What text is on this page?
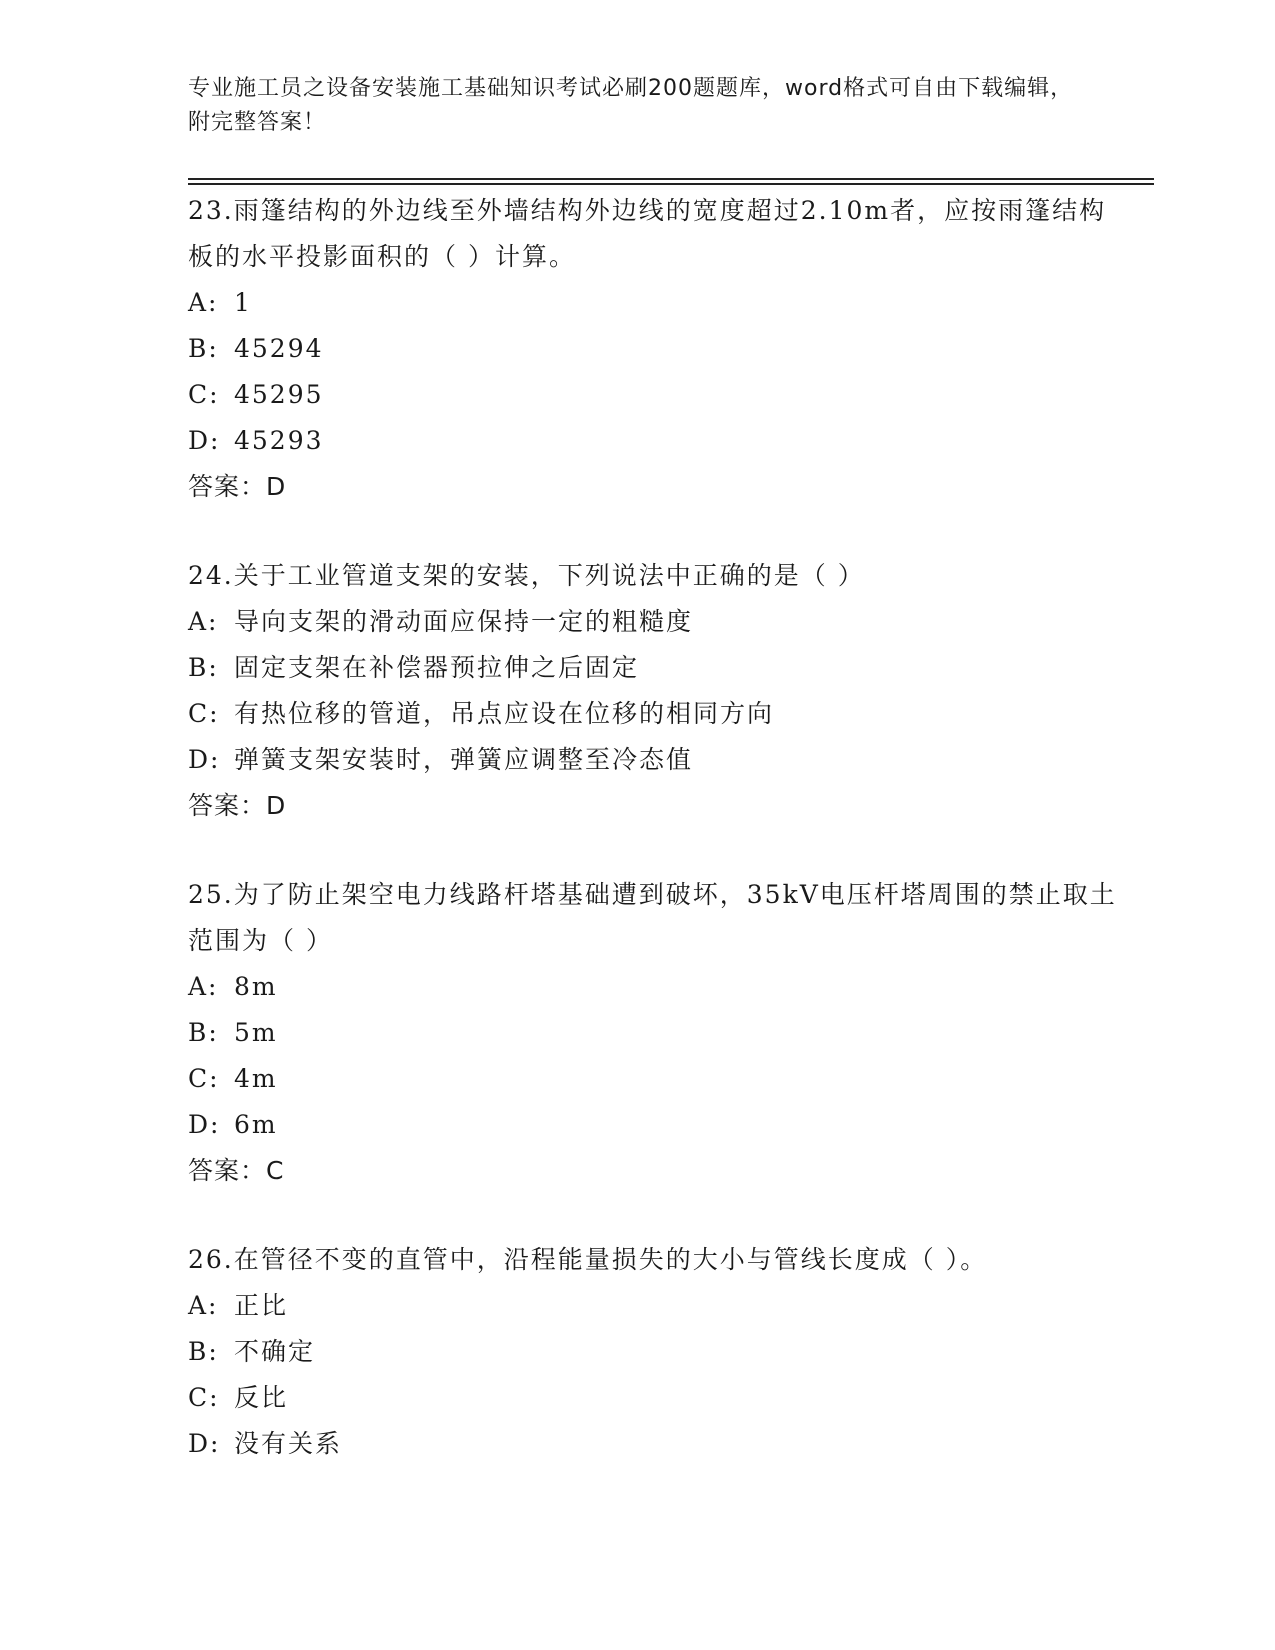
专业施工员之设备安装施工基础知识考试必刷200题题库，word格式可自由下载编辑，附完整答案！

23.雨篷结构的外边线至外墙结构外边线的宽度超过2.10m者，应按雨篷结构板的水平投影面积的（ ）计算。

A: 1
B: 45294
C: 45295
D: 45293
答案：D

24.关于工业管道支架的安装，下列说法中正确的是（ ）

A: 导向支架的滑动面应保持一定的粗糙度
B: 固定支架在补偿器预拉伸之后固定
C: 有热位移的管道，吊点应设在位移的相同方向
D: 弹簧支架安装时，弹簧应调整至冷态值
答案：D

25.为了防止架空电力线路杆塔基础遭到破坏，35kV电压杆塔周围的禁止取土范围为（ ）

A: 8m
B: 5m
C: 4m
D: 6m
答案：C

26.在管径不变的直管中，沿程能量损失的大小与管线长度成（ ）。

A: 正比
B: 不确定
C: 反比
D: 没有关系
